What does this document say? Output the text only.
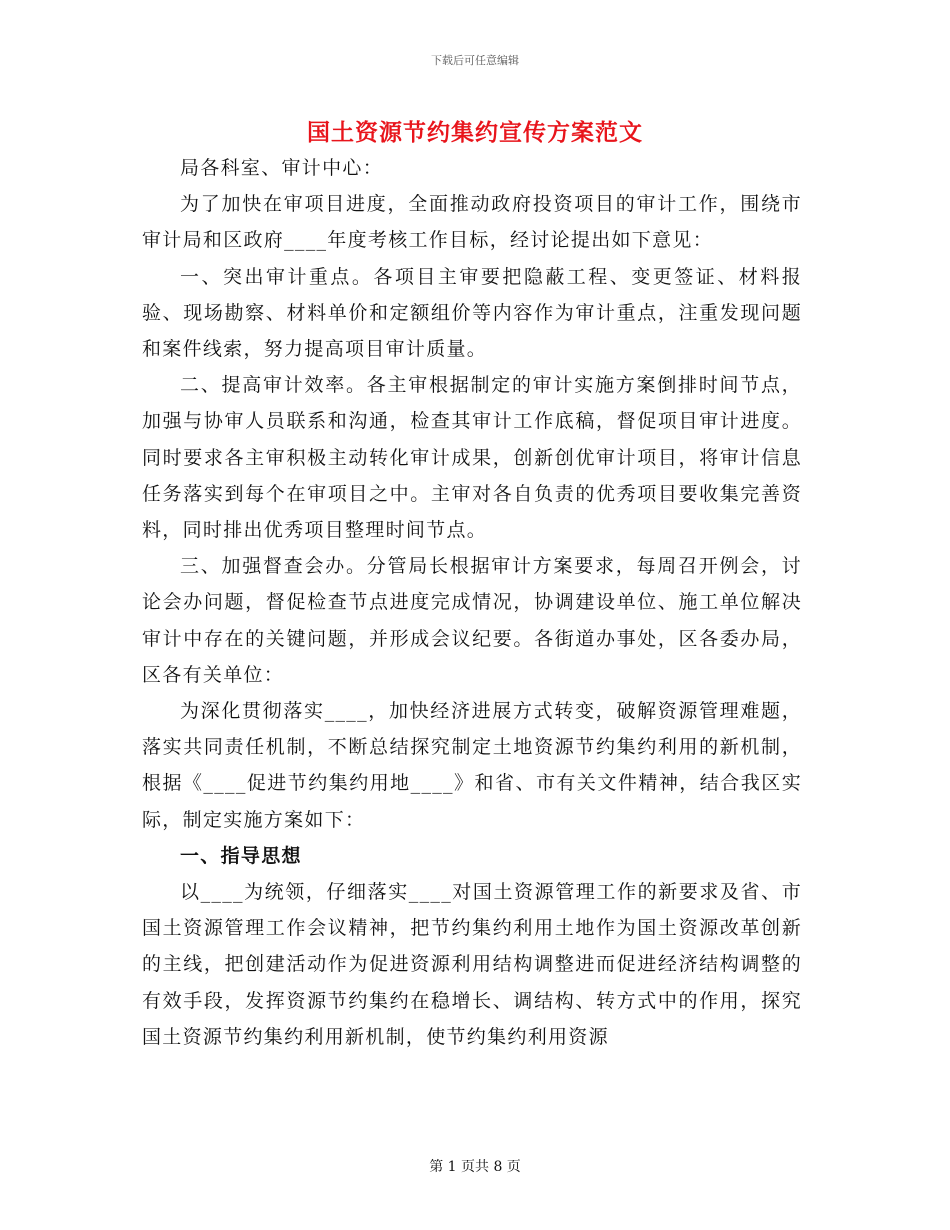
下载后可任意编辑
国土资源节约集约宣传方案范文

局各科室、审计中心：

为了加快在审项目进度，全面推动政府投资项目的审计工作，围绕市审计局和区政府____年度考核工作目标，经讨论提出如下意见：

一、突出审计重点。各项目主审要把隐蔽工程、变更签证、材料报验、现场勘察、材料单价和定额组价等内容作为审计重点，注重发现问题和案件线索，努力提高项目审计质量。

二、提高审计效率。各主审根据制定的审计实施方案倒排时间节点，加强与协审人员联系和沟通，检查其审计工作底稿，督促项目审计进度。同时要求各主审积极主动转化审计成果，创新创优审计项目，将审计信息任务落实到每个在审项目之中。主审对各自负责的优秀项目要收集完善资料，同时排出优秀项目整理时间节点。

三、加强督查会办。分管局长根据审计方案要求，每周召开例会，讨论会办问题，督促检查节点进度完成情况，协调建设单位、施工单位解决审计中存在的关键问题，并形成会议纪要。各街道办事处，区各委办局，区各有关单位：

为深化贯彻落实____，加快经济进展方式转变，破解资源管理难题，落实共同责任机制，不断总结探究制定土地资源节约集约利用的新机制，根据《____促进节约集约用地____》和省、市有关文件精神，结合我区实际，制定实施方案如下：

一、指导思想

以____为统领，仔细落实____对国土资源管理工作的新要求及省、市国土资源管理工作会议精神，把节约集约利用土地作为国土资源改革创新的主线，把创建活动作为促进资源利用结构调整进而促进经济结构调整的有效手段，发挥资源节约集约在稳增长、调结构、转方式中的作用，探究国土资源节约集约利用新机制，使节约集约利用资源

第 1 页共 8 页
